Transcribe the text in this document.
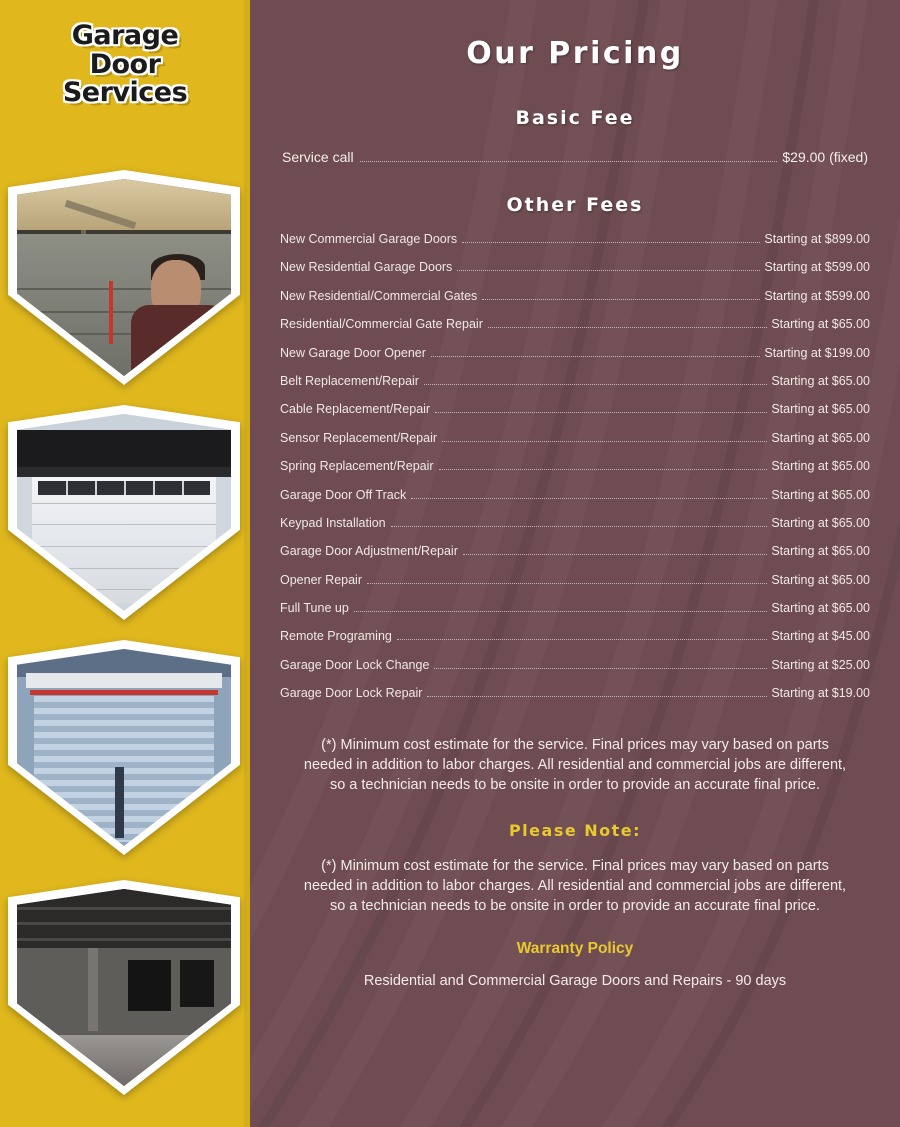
Garage
Door
Services
Our Pricing
Basic Fee
Service call	$29.00 (fixed)
Other Fees
New Commercial Garage Doors	Starting at $899.00
New Residential Garage Doors	Starting at $599.00
New Residential/Commercial Gates	Starting at $599.00
Residential/Commercial Gate Repair	Starting at $65.00
New Garage Door Opener	Starting at $199.00
Belt Replacement/Repair	Starting at $65.00
Cable Replacement/Repair	Starting at $65.00
Sensor Replacement/Repair	Starting at $65.00
Spring Replacement/Repair	Starting at $65.00
Garage Door Off Track	Starting at $65.00
Keypad Installation	Starting at $65.00
Garage Door Adjustment/Repair	Starting at $65.00
Opener Repair	Starting at $65.00
Full Tune up	Starting at $65.00
Remote Programing	Starting at $45.00
Garage Door Lock Change	Starting at $25.00
Garage Door Lock Repair	Starting at $19.00

(*) Minimum cost estimate for the service. Final prices may vary based on parts needed in addition to labor charges. All residential and commercial jobs are different, so a technician needs to be onsite in order to provide an accurate final price.

Please Note:

(*) Minimum cost estimate for the service. Final prices may vary based on parts needed in addition to labor charges. All residential and commercial jobs are different, so a technician needs to be onsite in order to provide an accurate final price.

Warranty Policy

Residential and Commercial Garage Doors and Repairs - 90 days
